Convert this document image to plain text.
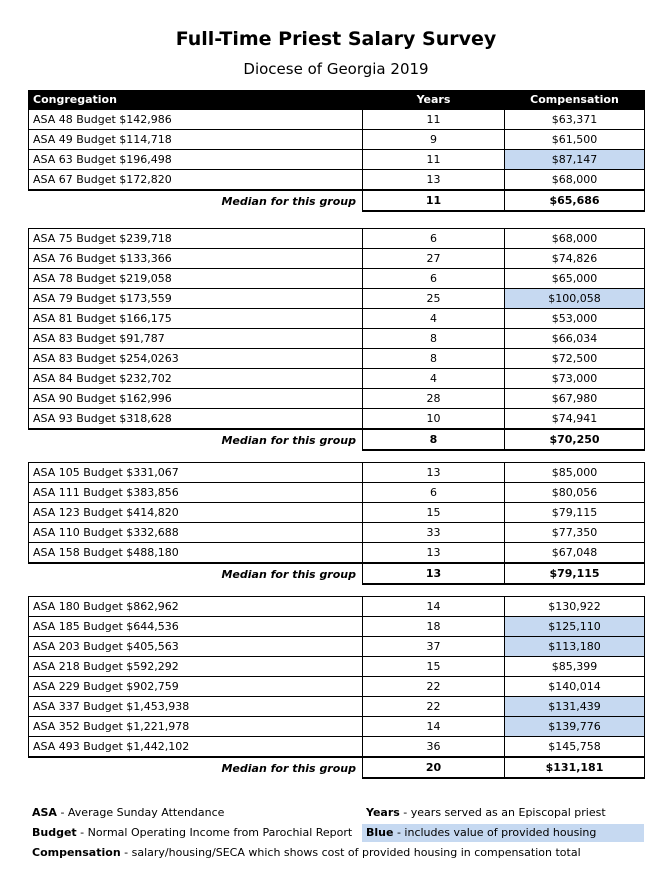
Full-Time Priest Salary Survey
Diocese of Georgia 2019
Congregation	Years	Compensation
ASA 48 Budget $142,986	11	$63,371
ASA 49 Budget $114,718	9	$61,500
ASA 63 Budget $196,498	11	$87,147
ASA 67 Budget $172,820	13	$68,000
Median for this group	11	$65,686
ASA 75 Budget $239,718	6	$68,000
ASA 76 Budget $133,366	27	$74,826
ASA 78 Budget $219,058	6	$65,000
ASA 79 Budget $173,559	25	$100,058
ASA 81 Budget $166,175	4	$53,000
ASA 83 Budget $91,787	8	$66,034
ASA 83 Budget $254,0263	8	$72,500
ASA 84 Budget $232,702	4	$73,000
ASA 90 Budget $162,996	28	$67,980
ASA 93 Budget $318,628	10	$74,941
Median for this group	8	$70,250
ASA 105 Budget $331,067	13	$85,000
ASA 111 Budget $383,856	6	$80,056
ASA 123 Budget $414,820	15	$79,115
ASA 110 Budget $332,688	33	$77,350
ASA 158 Budget $488,180	13	$67,048
Median for this group	13	$79,115
ASA 180 Budget $862,962	14	$130,922
ASA 185 Budget $644,536	18	$125,110
ASA 203 Budget $405,563	37	$113,180
ASA 218 Budget $592,292	15	$85,399
ASA 229 Budget $902,759	22	$140,014
ASA 337 Budget $1,453,938	22	$131,439
ASA 352 Budget $1,221,978	14	$139,776
ASA 493 Budget $1,442,102	36	$145,758
Median for this group	20	$131,181
ASA - Average Sunday Attendance	Years - years served as an Episcopal priest
Budget - Normal Operating Income from Parochial Report	Blue - includes value of provided housing
Compensation - salary/housing/SECA which shows cost of provided housing in compensation total
